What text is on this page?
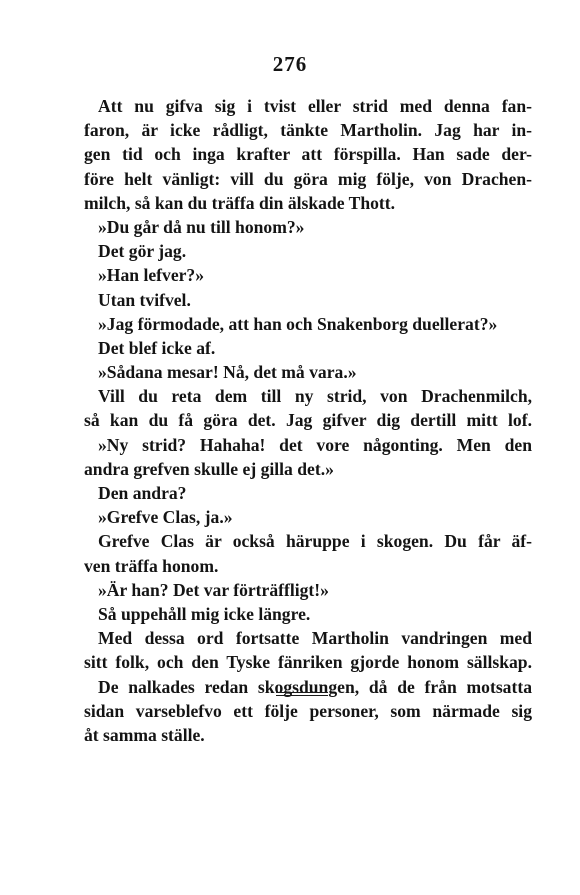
276
Att nu gifva sig i tvist eller strid med denna fan-
faron, är icke rådligt, tänkte Martholin. Jag har in-
gen tid och inga krafter att förspilla. Han sade der-
före helt vänligt: vill du göra mig följe, von Drachen-
milch, så kan du träffa din älskade Thott.
»Du går då nu till honom?»
Det gör jag.
»Han lefver?»
Utan tvifvel.
»Jag förmodade, att han och Snakenborg duellerat?»
Det blef icke af.
»Sådana mesar! Nå, det må vara.»
Vill du reta dem till ny strid, von Drachenmilch,
så kan du få göra det. Jag gifver dig dertill mitt lof.
»Ny strid? Hahaha! det vore någonting. Men den
andra grefven skulle ej gilla det.»
Den andra?
»Grefve Clas, ja.»
Grefve Clas är också häruppe i skogen. Du får äf-
ven träffa honom.
»Är han? Det var förträffligt!»
Så uppehåll mig icke längre.
Med dessa ord fortsatte Martholin vandringen med
sitt folk, och den Tyske fänriken gjorde honom sällskap.
De nalkades redan skogsdungen, då de från motsatta
sidan varseblefvo ett följe personer, som närmade sig
åt samma ställe.
